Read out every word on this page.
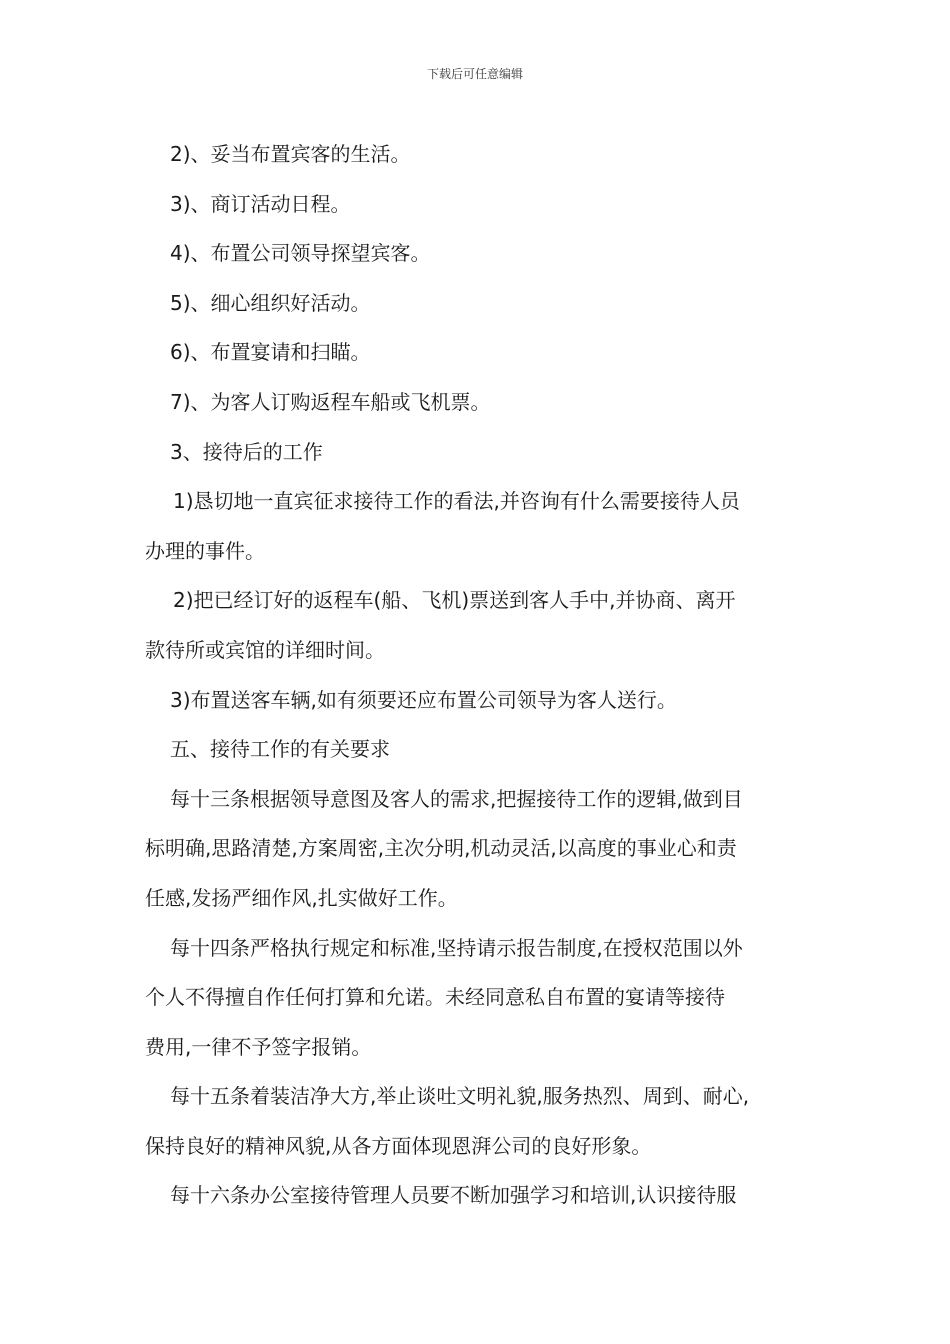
下载后可任意编辑
2)、妥当布置宾客的生活。
3)、商订活动日程。
4)、布置公司领导探望宾客。
5)、细心组织好活动。
6)、布置宴请和扫瞄。
7)、为客人订购返程车船或飞机票。
3、接待后的工作
1)恳切地一直宾征求接待工作的看法,并咨询有什么需要接待人员
办理的事件。
2)把已经订好的返程车(船、飞机)票送到客人手中,并协商、离开
款待所或宾馆的详细时间。
3)布置送客车辆,如有须要还应布置公司领导为客人送行。
五、接待工作的有关要求
每十三条根据领导意图及客人的需求,把握接待工作的逻辑,做到目
标明确,思路清楚,方案周密,主次分明,机动灵活,以高度的事业心和责
任感,发扬严细作风,扎实做好工作。
每十四条严格执行规定和标准,坚持请示报告制度,在授权范围以外
个人不得擅自作任何打算和允诺。未经同意私自布置的宴请等接待
费用,一律不予签字报销。
每十五条着装洁净大方,举止谈吐文明礼貌,服务热烈、周到、耐心,
保持良好的精神风貌,从各方面体现恩湃公司的良好形象。
每十六条办公室接待管理人员要不断加强学习和培训,认识接待服
